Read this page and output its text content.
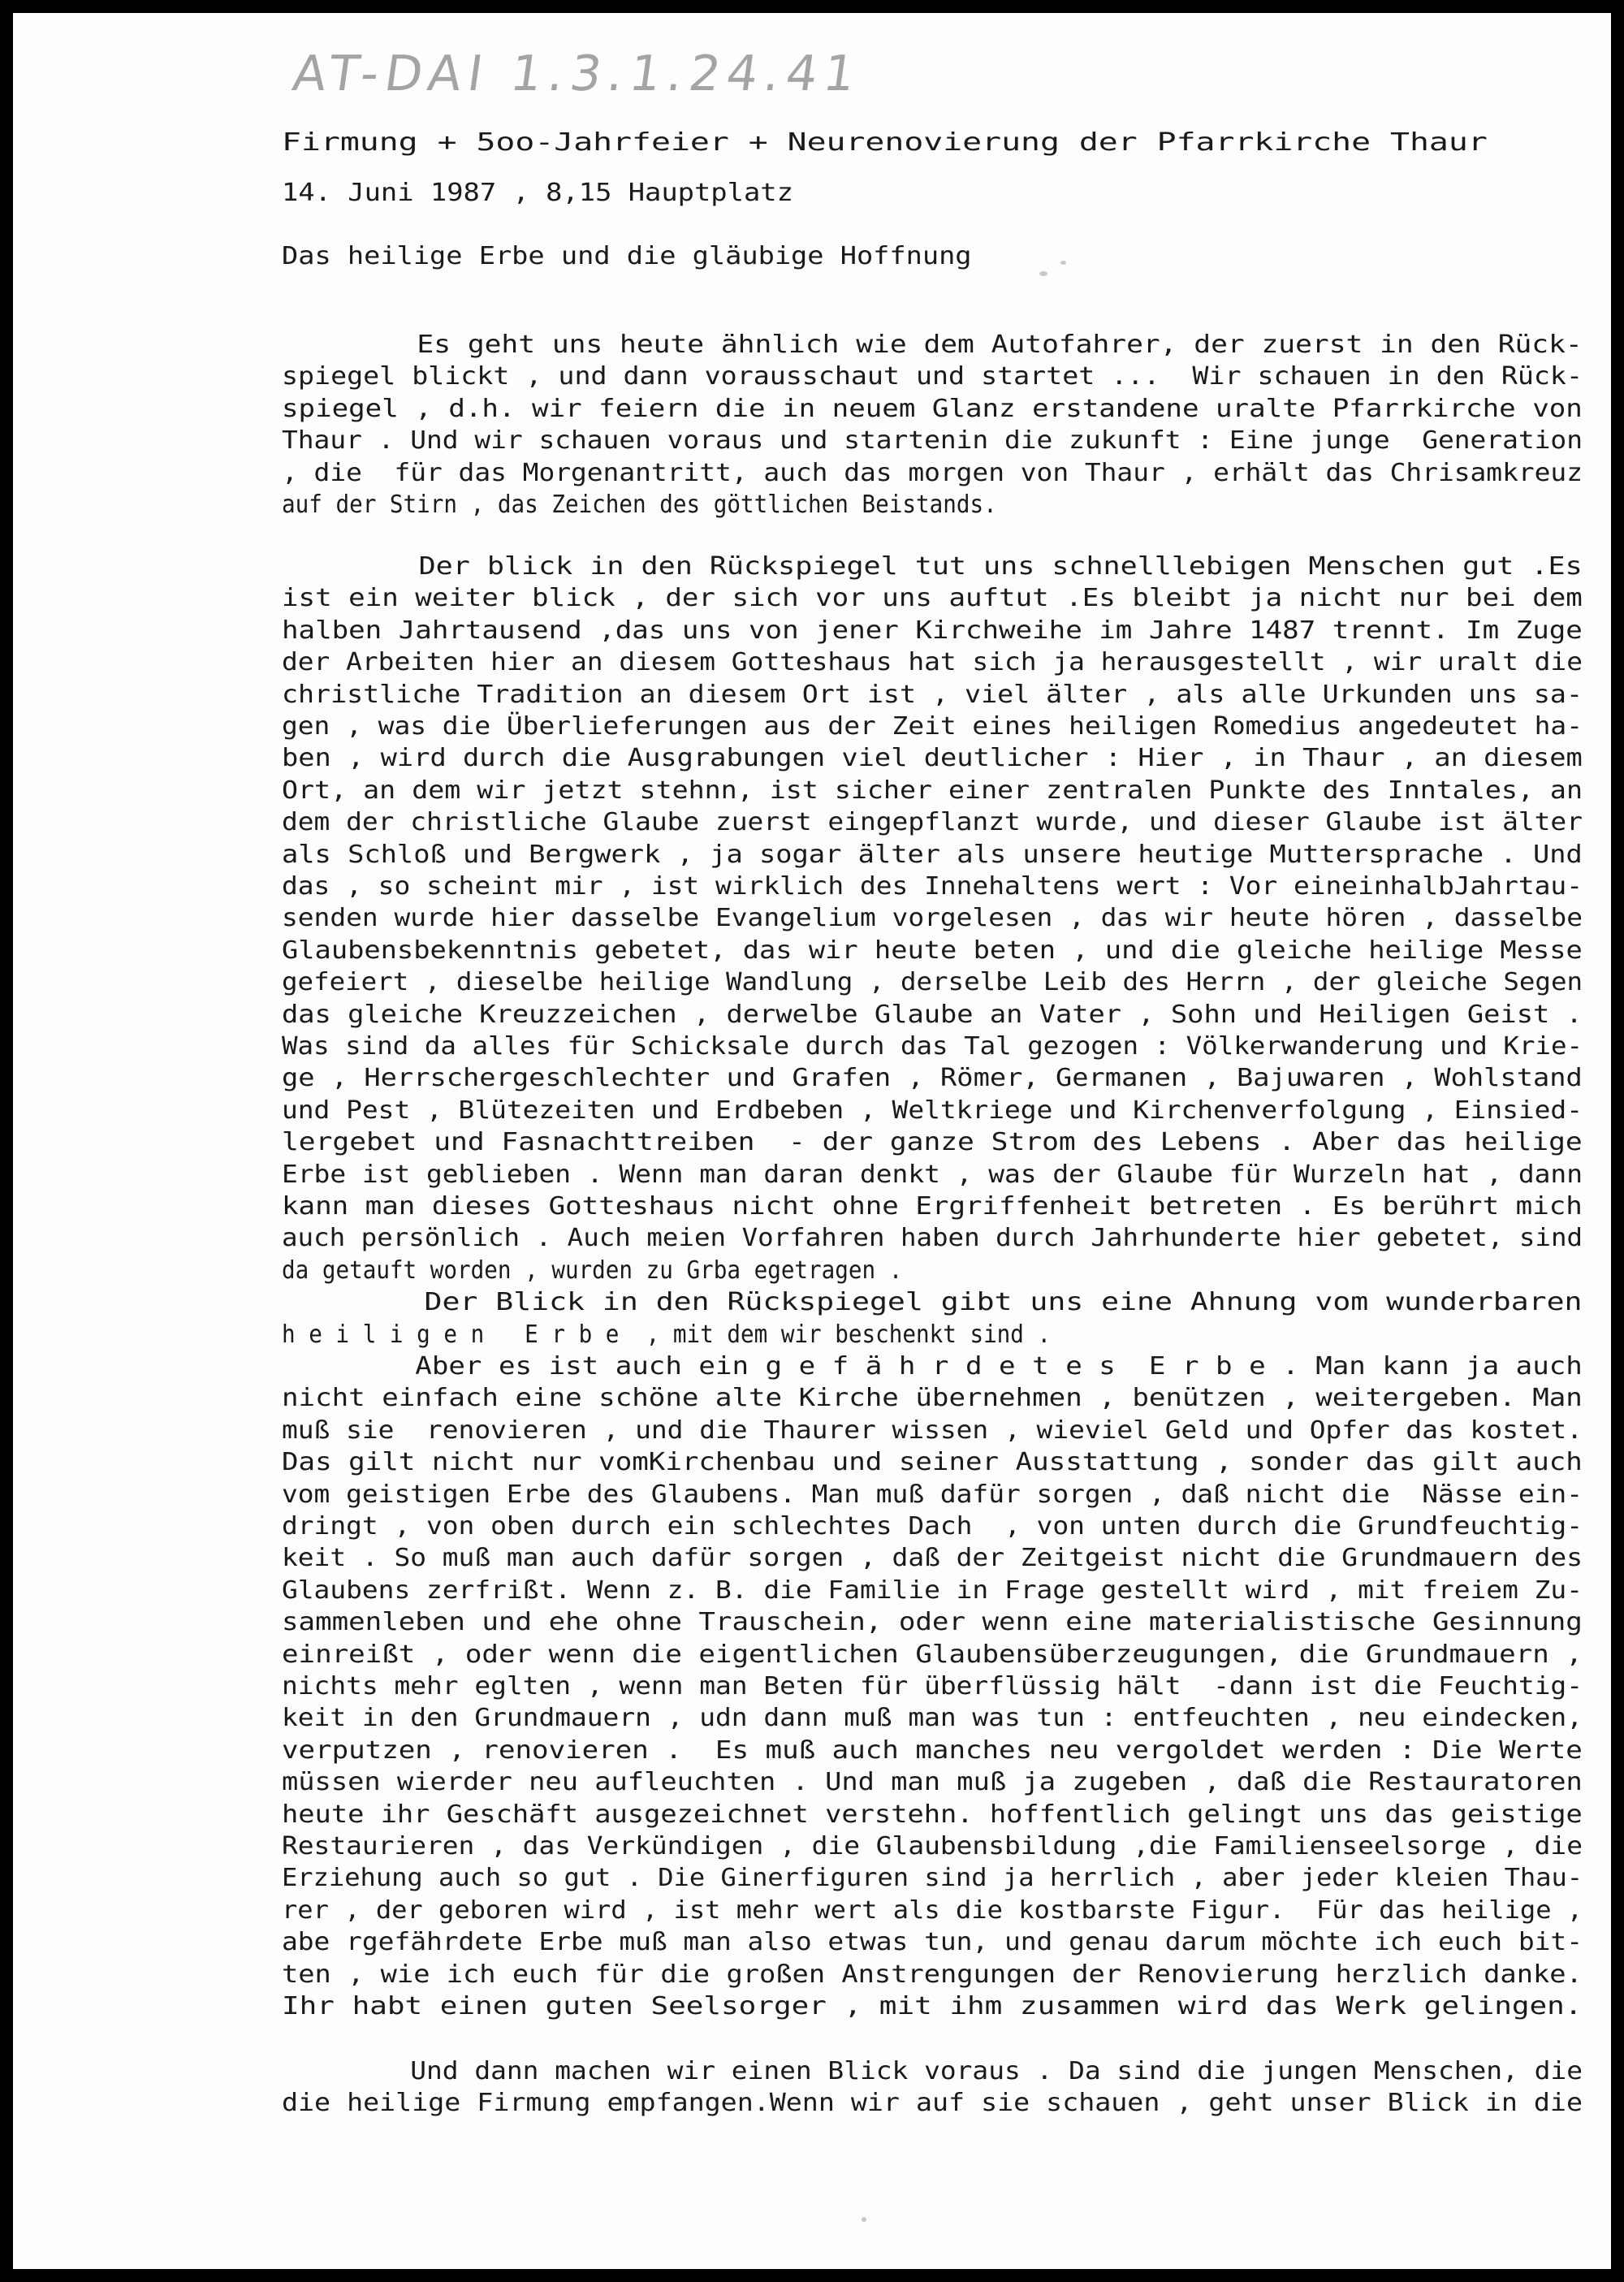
AT-DAI 1.3.1.24.41
Firmung + 5oo-Jahrfeier + Neurenovierung der Pfarrkirche Thaur
14. Juni 1987 , 8,15 Hauptplatz
Das heilige Erbe und die gläubige Hoffnung
Es geht uns heute ähnlich wie dem Autofahrer, der zuerst in den Rück-
spiegel blickt , und dann vorausschaut und startet ...  Wir schauen in den Rück-
spiegel , d.h. wir feiern die in neuem Glanz erstandene uralte Pfarrkirche von
Thaur . Und wir schauen voraus und startenin die zukunft : Eine junge  Generation
, die  für das Morgenantritt, auch das morgen von Thaur , erhält das Chrisamkreuz
auf der Stirn , das Zeichen des göttlichen Beistands.
Der blick in den Rückspiegel tut uns schnelllebigen Menschen gut .Es
ist ein weiter blick , der sich vor uns auftut .Es bleibt ja nicht nur bei dem
halben Jahrtausend ,das uns von jener Kirchweihe im Jahre 1487 trennt. Im Zuge
der Arbeiten hier an diesem Gotteshaus hat sich ja herausgestellt , wir uralt die
christliche Tradition an diesem Ort ist , viel älter , als alle Urkunden uns sa-
gen , was die Überlieferungen aus der Zeit eines heiligen Romedius angedeutet ha-
ben , wird durch die Ausgrabungen viel deutlicher : Hier , in Thaur , an diesem
Ort, an dem wir jetzt stehnn, ist sicher einer zentralen Punkte des Inntales, an
dem der christliche Glaube zuerst eingepflanzt wurde, und dieser Glaube ist älter
als Schloß und Bergwerk , ja sogar älter als unsere heutige Muttersprache . Und
das , so scheint mir , ist wirklich des Innehaltens wert : Vor eineinhalbJahrtau-
senden wurde hier dasselbe Evangelium vorgelesen , das wir heute hören , dasselbe
Glaubensbekenntnis gebetet, das wir heute beten , und die gleiche heilige Messe
gefeiert , dieselbe heilige Wandlung , derselbe Leib des Herrn , der gleiche Segen
das gleiche Kreuzzeichen , derwelbe Glaube an Vater , Sohn und Heiligen Geist .
Was sind da alles für Schicksale durch das Tal gezogen : Völkerwanderung und Krie-
ge , Herrschergeschlechter und Grafen , Römer, Germanen , Bajuwaren , Wohlstand
und Pest , Blütezeiten und Erdbeben , Weltkriege und Kirchenverfolgung , Einsied-
lergebet und Fasnachttreiben  - der ganze Strom des Lebens . Aber das heilige
Erbe ist geblieben . Wenn man daran denkt , was der Glaube für Wurzeln hat , dann
kann man dieses Gotteshaus nicht ohne Ergriffenheit betreten . Es berührt mich
auch persönlich . Auch meien Vorfahren haben durch Jahrhunderte hier gebetet, sind
da getauft worden , wurden zu Grba egetragen .
Der Blick in den Rückspiegel gibt uns eine Ahnung vom wunderbaren
h e i l i g e n   E r b e  , mit dem wir beschenkt sind .
Aber es ist auch ein g e f ä h r d e t e s  E r b e . Man kann ja auch
nicht einfach eine schöne alte Kirche übernehmen , benützen , weitergeben. Man
muß sie  renovieren , und die Thaurer wissen , wieviel Geld und Opfer das kostet.
Das gilt nicht nur vomKirchenbau und seiner Ausstattung , sonder das gilt auch
vom geistigen Erbe des Glaubens. Man muß dafür sorgen , daß nicht die  Nässe ein-
dringt , von oben durch ein schlechtes Dach  , von unten durch die Grundfeuchtig-
keit . So muß man auch dafür sorgen , daß der Zeitgeist nicht die Grundmauern des
Glaubens zerfrißt. Wenn z. B. die Familie in Frage gestellt wird , mit freiem Zu-
sammenleben und ehe ohne Trauschein, oder wenn eine materialistische Gesinnung
einreißt , oder wenn die eigentlichen Glaubensüberzeugungen, die Grundmauern ,
nichts mehr eglten , wenn man Beten für überflüssig hält  -dann ist die Feuchtig-
keit in den Grundmauern , udn dann muß man was tun : entfeuchten , neu eindecken,
verputzen , renovieren .  Es muß auch manches neu vergoldet werden : Die Werte
müssen wierder neu aufleuchten . Und man muß ja zugeben , daß die Restauratoren
heute ihr Geschäft ausgezeichnet verstehn. hoffentlich gelingt uns das geistige
Restaurieren , das Verkündigen , die Glaubensbildung ,die Familienseelsorge , die
Erziehung auch so gut . Die Ginerfiguren sind ja herrlich , aber jeder kleien Thau-
rer , der geboren wird , ist mehr wert als die kostbarste Figur.  Für das heilige ,
abe rgefährdete Erbe muß man also etwas tun, und genau darum möchte ich euch bit-
ten , wie ich euch für die großen Anstrengungen der Renovierung herzlich danke.
Ihr habt einen guten Seelsorger , mit ihm zusammen wird das Werk gelingen.
Und dann machen wir einen Blick voraus . Da sind die jungen Menschen, die
die heilige Firmung empfangen.Wenn wir auf sie schauen , geht unser Blick in die
